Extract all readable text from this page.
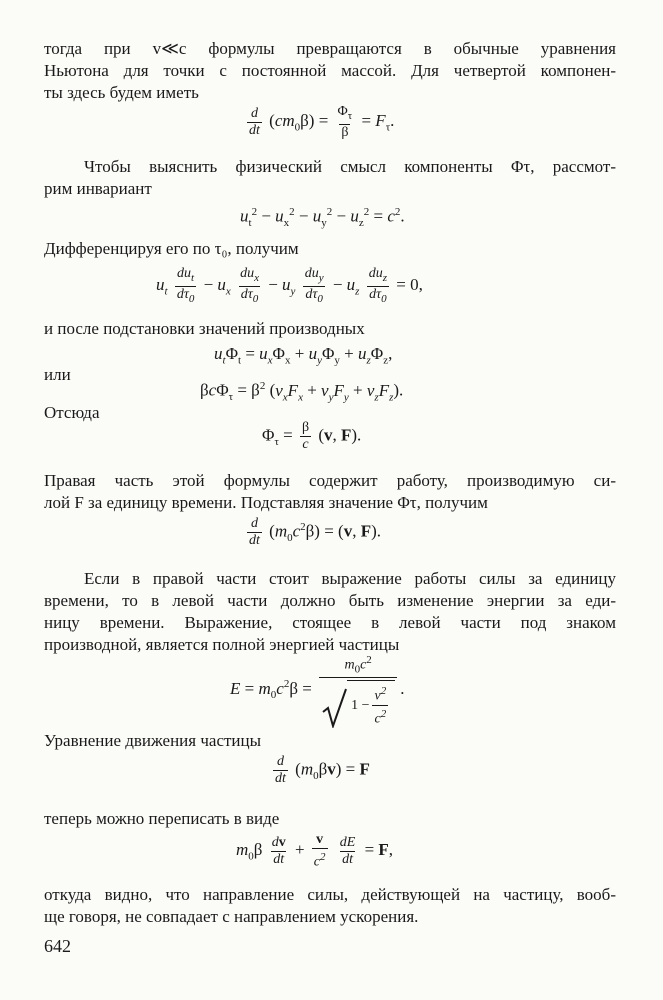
тогда при v≪c формулы превращаются в обычные уравнения

Ньютона для точки с постоянной массой. Для четвертой компонен-

ты здесь будем иметь

$\frac{d}{dt} (cm_0\beta) = \frac{\Phi_\tau}{\beta} = F_\tau$.

Чтобы выяснить физический смысл компоненты Φτ, рассмот-

рим инвариант

$u_t^2 - u_x^2 - u_y^2 - u_z^2 = c^2$.

Дифференцируя его по τ₀, получим

$u_t \frac{du_t}{d\tau_0} - u_x \frac{du_x}{d\tau_0} - u_y \frac{du_y}{d\tau_0} - u_z \frac{du_z}{d\tau_0} = 0$,

и после подстановки значений производных

$u_t\Phi_t = u_x\Phi_x + u_y\Phi_y + u_z\Phi_z$,

или

$\beta c\Phi_\tau = \beta^2$ $(v_xF_x + v_yF_y + v_zF_z)$.

Отсюда

$\Phi_\tau = \frac{\beta}{c} (v$, F).

Правая часть этой формулы содержит работу, производимую си-

лой F за единицу времени. Подставляя значение Φτ, получим

$\frac{d}{dt} (m_0c^2\beta) = (v$, F).

Если в правой части стоит выражение работы силы за единицу

времени, то в левой части должно быть изменение энергии за еди-

ницу времени. Выражение, стоящее в левой части под знаком

производной, является полной энергией частицы

$E = m_0c^2\beta = \frac{m_0c^2}{1 - \frac{v^2}{c^2}}$ .

Уравнение движения частицы

$\frac{d}{dt} (m_0\beta v) = F$

теперь можно переписать в виде

$m_0\beta \frac{dv}{dt} + \frac{v}{c^2}$
$\frac{dE}{dt} = F$,

откуда видно, что направление силы, действующей на частицу, вооб-

ще говоря, не совпадает с направлением ускорения.

642
